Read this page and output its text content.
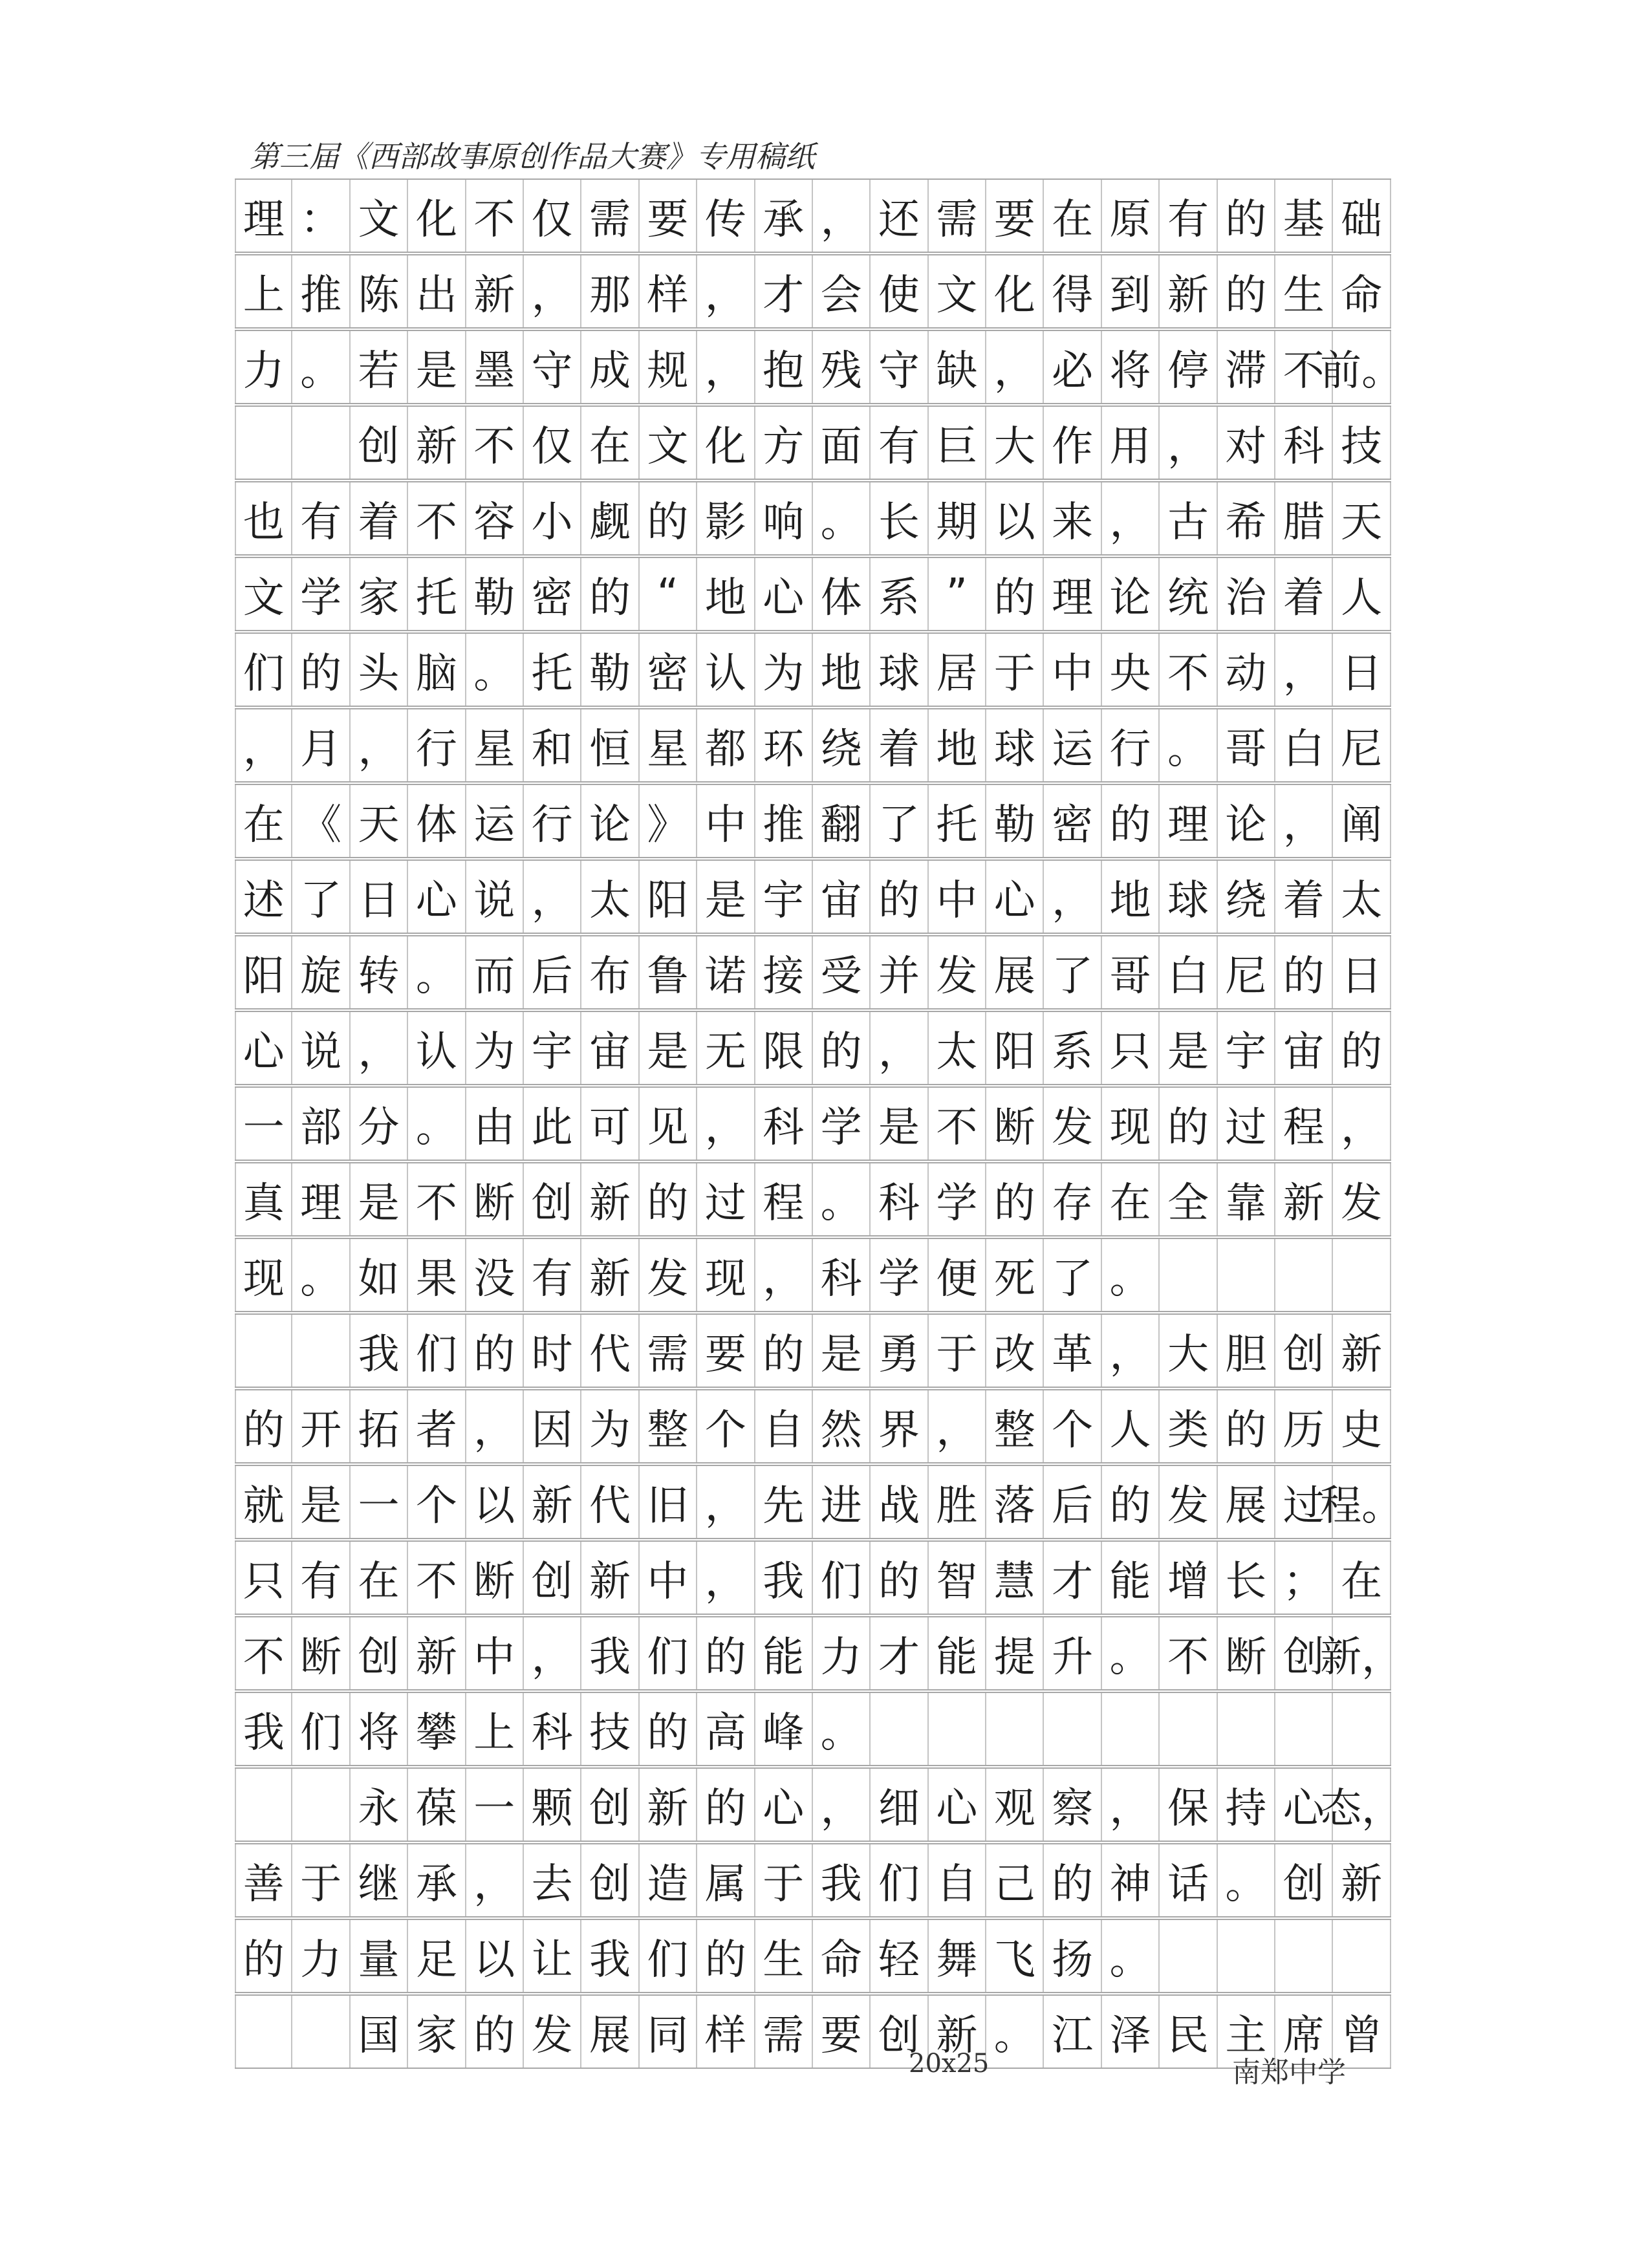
第三届《西部故事原创作品大赛》专用稿纸
理 ： 文 化 不 仅 需 要 传 承 ， 还 需 要 在 原 有 的 基 础
上 推 陈 出 新 ， 那 样 ， 才 会 使 文 化 得 到 新 的 生 命
力 。 若 是 墨 守 成 规 ， 抱 残 守 缺 ， 必 将 停 滞 不
前。
创 新 不 仅 在 文 化 方 面 有 巨 大 作 用 ， 对 科 技
也 有 着 不 容 小 觑 的 影 响 。 长 期 以 来 ， 古 希 腊 天
文 学 家 托 勒 密 的 “ 地 心 体 系 ” 的 理 论 统 治 着 人
们 的 头 脑 。 托 勒 密 认 为 地 球 居 于 中 央 不 动 ， 日
， 月 ， 行 星 和 恒 星 都 环 绕 着 地 球 运 行 。 哥 白 尼
在 《 天 体 运 行 论 》 中 推 翻 了 托 勒 密 的 理 论 ， 阐
述 了 日 心 说 ， 太 阳 是 宇 宙 的 中 心 ， 地 球 绕 着 太
阳 旋 转 。 而 后 布 鲁 诺 接 受 并 发 展 了 哥 白 尼 的 日
心 说 ， 认 为 宇 宙 是 无 限 的 ， 太 阳 系 只 是 宇 宙 的
一 部 分 。 由 此 可 见 ， 科 学 是 不 断 发 现 的 过 程 ，
真 理 是 不 断 创 新 的 过 程 。 科 学 的 存 在 全 靠 新 发
现 。 如 果 没 有 新 发 现 ， 科 学 便 死 了 。
我 们 的 时 代 需 要 的 是 勇 于 改 革 ， 大 胆 创 新
的 开 拓 者 ， 因 为 整 个 自 然 界 ， 整 个 人 类 的 历 史
就 是 一 个 以 新 代 旧 ， 先 进 战 胜 落 后 的 发 展 过
程。
只 有 在 不 断 创 新 中 ， 我 们 的 智 慧 才 能 增 长 ； 在
不 断 创 新 中 ， 我 们 的 能 力 才 能 提 升 。 不 断 创
新，
我 们 将 攀 上 科 技 的 高 峰 。
永 葆 一 颗 创 新 的 心 ， 细 心 观 察 ， 保 持 心
态，
善 于 继 承 ， 去 创 造 属 于 我 们 自 己 的 神 话 。 创 新
的 力 量 足 以 让 我 们 的 生 命 轻 舞 飞 扬 。
国 家 的 发 展 同 样 需 要 创 新 。 江 泽 民 主 席 曾
20x25	南郑中学
